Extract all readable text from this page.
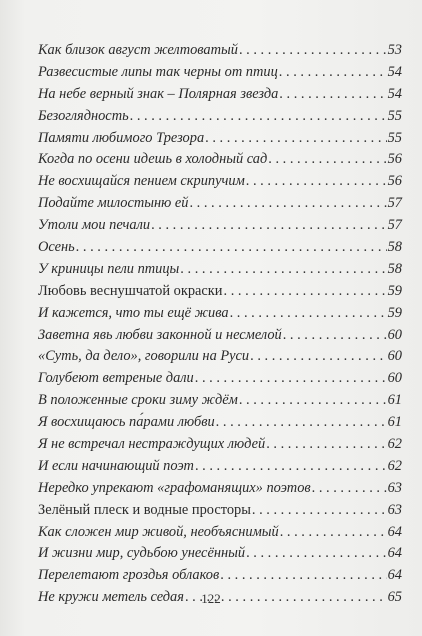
Как близок август желтоватый . . .	53
Развесистые липы так черны от птиц . . .	54
На небе верный знак – Полярная звезда . . .	54
Безоглядность . . .	55
Памяти любимого Трезора . . .	55
Когда по осени идешь в холодный сад . . .	56
Не восхищайся пением скрипучим . . .	56
Подайте милостыню ей . . .	57
Утоли мои печали . . .	57
Осень . . .	58
У криницы пели птицы . . .	58
Любовь веснушчатой окраски . . .	59
И кажется, что ты ещё жива . . .	59
Заветна явь любви законной и несмелой . . .	60
«Суть, да дело», говорили на Руси . . .	60
Голубеют ветреные дали . . .	60
В положенные сроки зиму ждём . . .	61
Я восхищаюсь па́рами любви . . .	61
Я не встречал нестраждущих людей . . .	62
И если начинающий поэт . . .	62
Нередко упрекают «графоманящих» поэтов . . .	63
Зелёный плеск и водные просторы . . .	63
Как сложен мир живой, необъяснимый . . .	64
И жизни мир, судьбою унесённый . . .	64
Перелетают гроздья облаков . . .	64
Не кружи метель седая . . .	65
122
